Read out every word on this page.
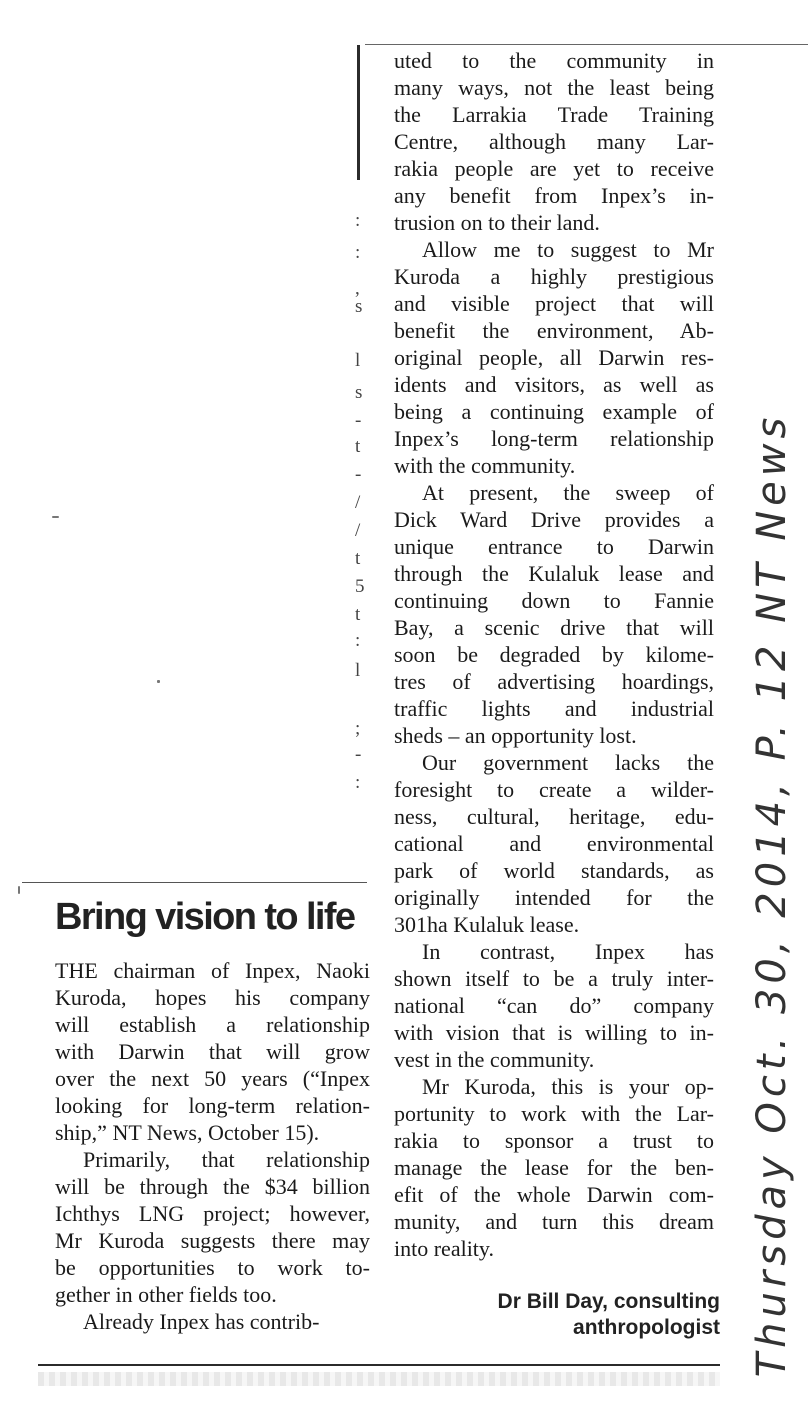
:
:
,
s
l
s
-
t
-
/
/
t
5
t
:
l
;
-
:
Bring vision to life
THE chairman of Inpex, Naoki
Kuroda, hopes his company
will establish a relationship
with Darwin that will grow
over the next 50 years (“Inpex
looking for long-term relation-
ship,” NT News, October 15).
Primarily, that relationship
will be through the $34 billion
Ichthys LNG project; however,
Mr Kuroda suggests there may
be opportunities to work to-
gether in other fields too.
Already Inpex has contrib-
uted to the community in
many ways, not the least being
the Larrakia Trade Training
Centre, although many Lar-
rakia people are yet to receive
any benefit from Inpex’s in-
trusion on to their land.
Allow me to suggest to Mr
Kuroda a highly prestigious
and visible project that will
benefit the environment, Ab-
original people, all Darwin res-
idents and visitors, as well as
being a continuing example of
Inpex’s long-term relationship
with the community.
At present, the sweep of
Dick Ward Drive provides a
unique entrance to Darwin
through the Kulaluk lease and
continuing down to Fannie
Bay, a scenic drive that will
soon be degraded by kilome-
tres of advertising hoardings,
traffic lights and industrial
sheds – an opportunity lost.
Our government lacks the
foresight to create a wilder-
ness, cultural, heritage, edu-
cational and environmental
park of world standards, as
originally intended for the
301ha Kulaluk lease.
In contrast, Inpex has
shown itself to be a truly inter-
national “can do” company
with vision that is willing to in-
vest in the community.
Mr Kuroda, this is your op-
portunity to work with the Lar-
rakia to sponsor a trust to
manage the lease for the ben-
efit of the whole Darwin com-
munity, and turn this dream
into reality.
Dr Bill Day, consulting
anthropologist Thursday Oct. 30, 2014, P. 12 NT News
